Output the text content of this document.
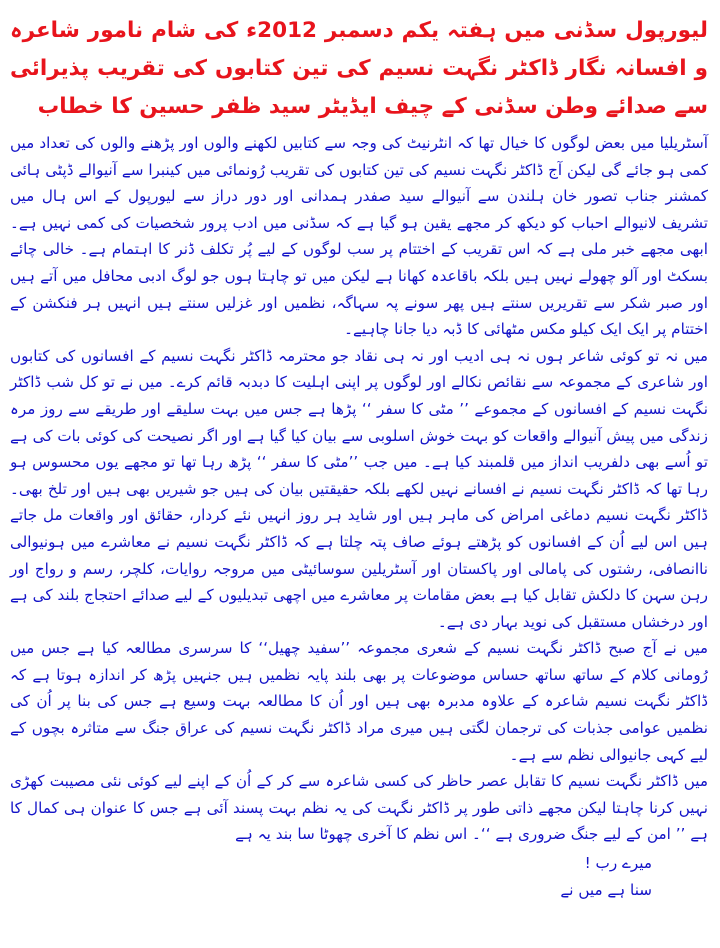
لیورپول سڈنی میں ہفتہ یکم دسمبر 2012ء کی شام نامور شاعرہ و افسانہ نگار ڈاکٹر نگہت نسیم کی تین کتابوں کی تقریب پذیرائی سے صدائے وطن سڈنی کے چیف ایڈیٹر سید ظفر حسین کا خطاب

آسٹریلیا میں بعض لوگوں کا خیال تھا کہ انٹرنیٹ کی وجہ سے کتابیں لکھنے والوں اور پڑھنے والوں کی تعداد میں کمی ہو جائے گی لیکن آج ڈاکٹر نگہت نسیم کی تین کتابوں کی تقریب رُونمائی میں کینبرا سے آنیوالے ڈپٹی ہائی کمشنر جناب تصور خان ہلندن سے آنیوالے سید صفدر ہمدانی اور دور دراز سے لیورپول کے اس ہال میں تشریف لانیوالے احباب کو دیکھ کر مجھے یقین ہو گیا ہے کہ سڈنی میں ادب پرور شخصیات کی کمی نہیں ہے۔ ابھی مجھے خبر ملی ہے کہ اس تقریب کے اختتام پر سب لوگوں کے لیے پُر تکلف ڈنر کا اہتمام ہے۔ خالی چائے بسکٹ اور آلو چھولے نہیں ہیں بلکہ باقاعدہ کھانا ہے لیکن میں تو چاہتا ہوں جو لوگ ادبی محافل میں آتے ہیں اور صبر شکر سے تقریریں سنتے ہیں پھر سونے پہ سہاگہ، نظمیں اور غزلیں سنتے ہیں انہیں ہر فنکشن کے اختتام پر ایک ایک کیلو مکس مٹھائی کا ڈبہ دیا جانا چاہیے۔

میں نہ تو کوئی شاعر ہوں نہ ہی ادیب اور نہ ہی نقاد جو محترمہ ڈاکٹر نگہت نسیم کے افسانوں کی کتابوں اور شاعری کے مجموعہ سے نقائص نکالے اور لوگوں پر اپنی اہلیت کا دبدبہ قائم کرے۔ میں نے تو کل شب ڈاکٹر نگہت نسیم کے افسانوں کے مجموعے ’’ مٹی کا سفر ‘‘ پڑھا ہے جس میں بہت سلیقے اور طریقے سے روز مرہ زندگی میں پیش آنیوالے واقعات کو بہت خوش اسلوبی سے بیان کیا گیا ہے اور اگر نصیحت کی کوئی بات کی ہے تو اُسے بھی دلفریب انداز میں قلمبند کیا ہے۔ میں جب ’’مٹی کا سفر ‘‘ پڑھ رہا تھا تو مجھے یوں محسوس ہو رہا تھا کہ ڈاکٹر نگہت نسیم نے افسانے نہیں لکھے بلکہ حقیقتیں بیان کی ہیں جو شیریں بھی ہیں اور تلخ بھی۔ ڈاکٹر نگہت نسیم دماغی امراض کی ماہر ہیں اور شاید ہر روز انہیں نئے کردار، حقائق اور واقعات مل جاتے ہیں اس لیے اُن کے افسانوں کو پڑھتے ہوئے صاف پتہ چلتا ہے کہ ڈاکٹر نگہت نسیم نے معاشرے میں ہونیوالی ناانصافی، رشتوں کی پامالی اور پاکستان اور آسٹریلین سوسائیٹی میں مروجہ روایات، کلچر، رسم و رواج اور رہن سہن کا دلکش تقابل کیا ہے بعض مقامات پر معاشرے میں اچھی تبدیلیوں کے لیے صدائے احتجاج بلند کی ہے اور درخشاں مستقبل کی نوید بہار دی ہے۔

میں نے آج صبح ڈاکٹر نگہت نسیم کے شعری مجموعہ ’’سفید چھیل‘‘ کا سرسری مطالعہ کیا ہے جس میں رُومانی کلام کے ساتھ ساتھ حساس موضوعات پر بھی بلند پایہ نظمیں ہیں جنہیں پڑھ کر اندازہ ہوتا ہے کہ ڈاکٹر نگہت نسیم شاعرہ کے علاوہ مدبرہ بھی ہیں اور اُن کا مطالعہ بہت وسیع ہے جس کی بنا پر اُن کی نظمیں عوامی جذبات کی ترجمان لگتی ہیں میری مراد ڈاکٹر نگہت نسیم کی عراق جنگ سے متاثرہ بچوں کے لیے کہی جانیوالی نظم سے ہے۔

میں ڈاکٹر نگہت نسیم کا تقابل عصر حاظر کی کسی شاعرہ سے کر کے اُن کے اپنے لیے کوئی نئی مصیبت کھڑی نہیں کرنا چاہتا لیکن مجھے ذاتی طور پر ڈاکٹر نگہت کی یہ نظم بہت پسند آئی ہے جس کا عنوان ہی کمال کا ہے ’’ امن کے لیے جنگ ضروری ہے ‘‘۔ اس نظم کا آخری چھوٹا سا بند یہ ہے

میرے رب !
سنا ہے میں نے
